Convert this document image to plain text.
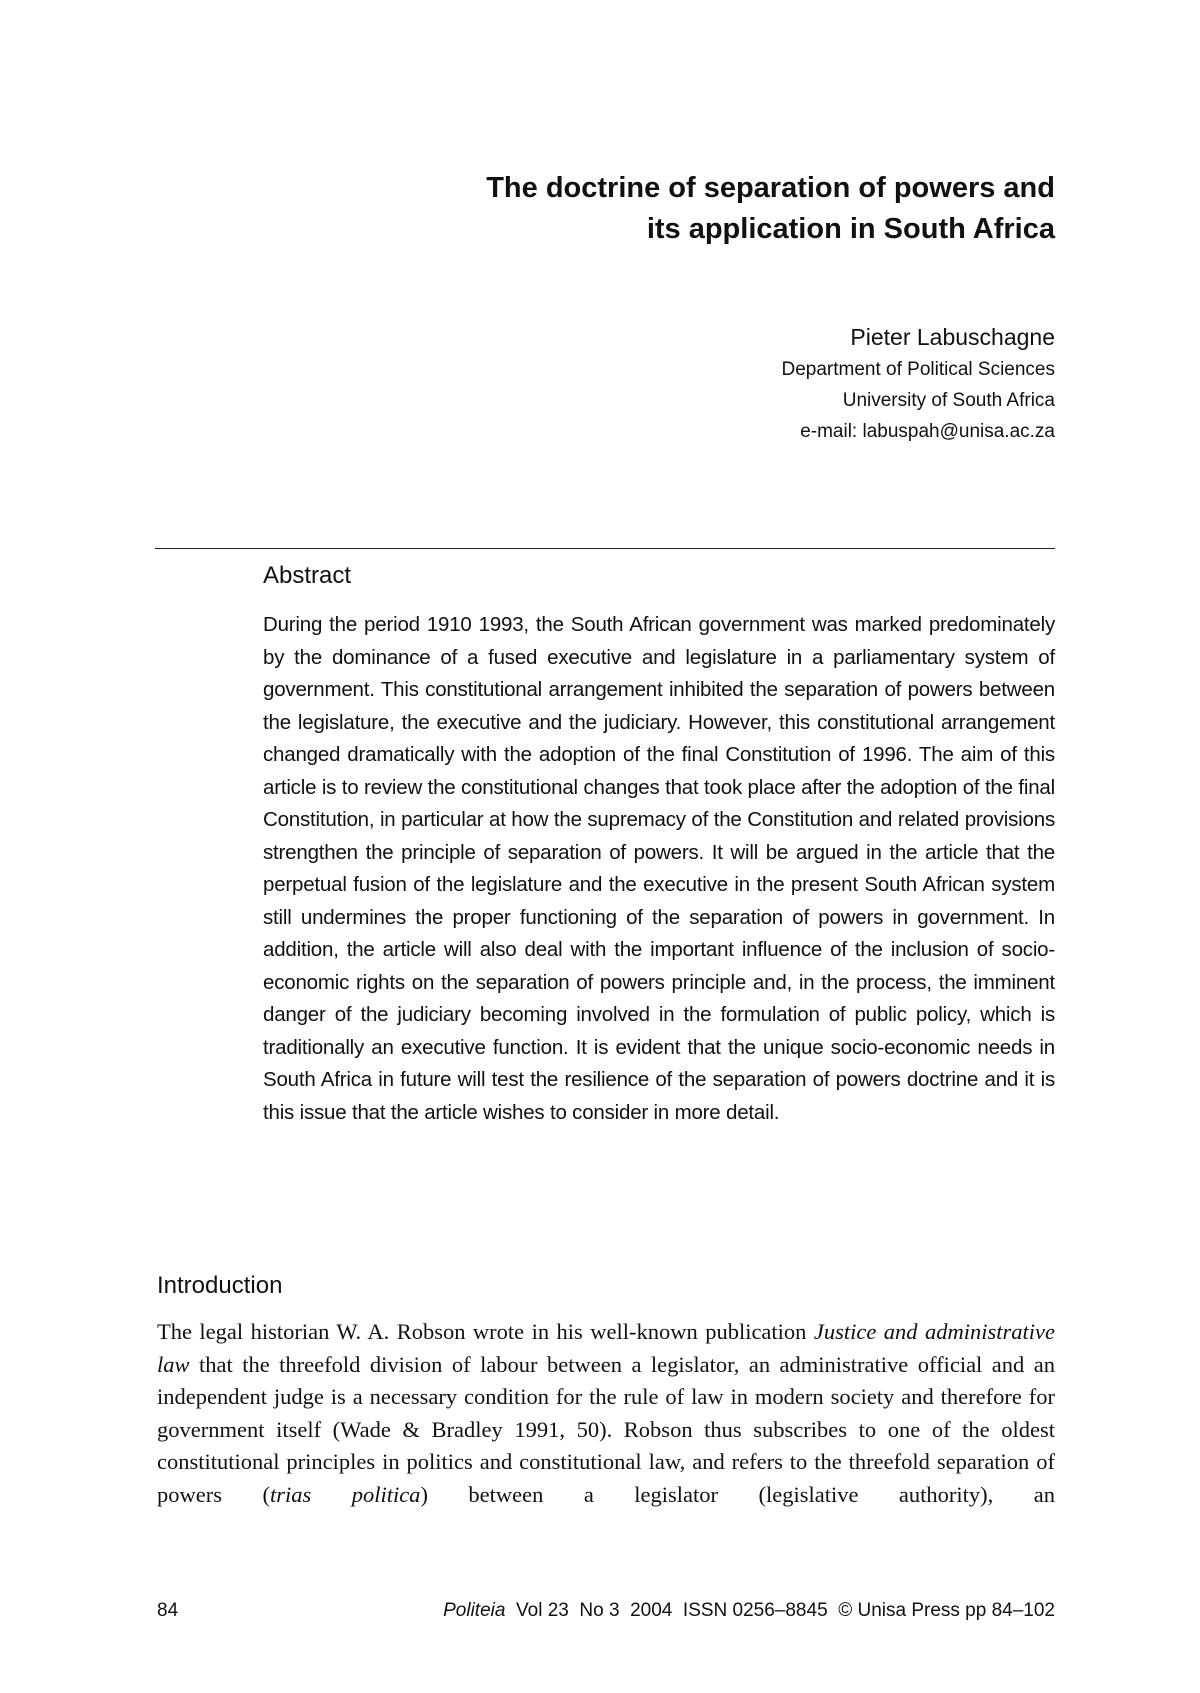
The doctrine of separation of powers and
its application in South Africa
Pieter Labuschagne
Department of Political Sciences
University of South Africa
e-mail: labuspah@unisa.ac.za
Abstract

During the period 1910 1993, the South African government was marked predominately by the dominance of a fused executive and legislature in a parliamentary system of government. This constitutional arrangement inhibited the separation of powers between the legislature, the executive and the judiciary. However, this constitutional arrangement changed dramatically with the adoption of the final Constitution of 1996. The aim of this article is to review the constitutional changes that took place after the adoption of the final Constitution, in particular at how the supremacy of the Constitution and related provisions strengthen the principle of separation of powers. It will be argued in the article that the perpetual fusion of the legislature and the executive in the present South African system still undermines the proper functioning of the separation of powers in government. In addition, the article will also deal with the important influence of the inclusion of socio-economic rights on the separation of powers principle and, in the process, the imminent danger of the judiciary becoming involved in the formulation of public policy, which is traditionally an executive function. It is evident that the unique socio-economic needs in South Africa in future will test the resilience of the separation of powers doctrine and it is this issue that the article wishes to consider in more detail.

Introduction

The legal historian W. A. Robson wrote in his well-known publication Justice and administrative law that the threefold division of labour between a legislator, an administrative official and an independent judge is a necessary condition for the rule of law in modern society and therefore for government itself (Wade & Bradley 1991, 50). Robson thus subscribes to one of the oldest constitutional principles in politics and constitutional law, and refers to the threefold separation of powers (trias politica) between a legislator (legislative authority), an

84	Politeia  Vol 23  No 3  2004  ISSN 0256–8845  © Unisa Press pp 84–102
